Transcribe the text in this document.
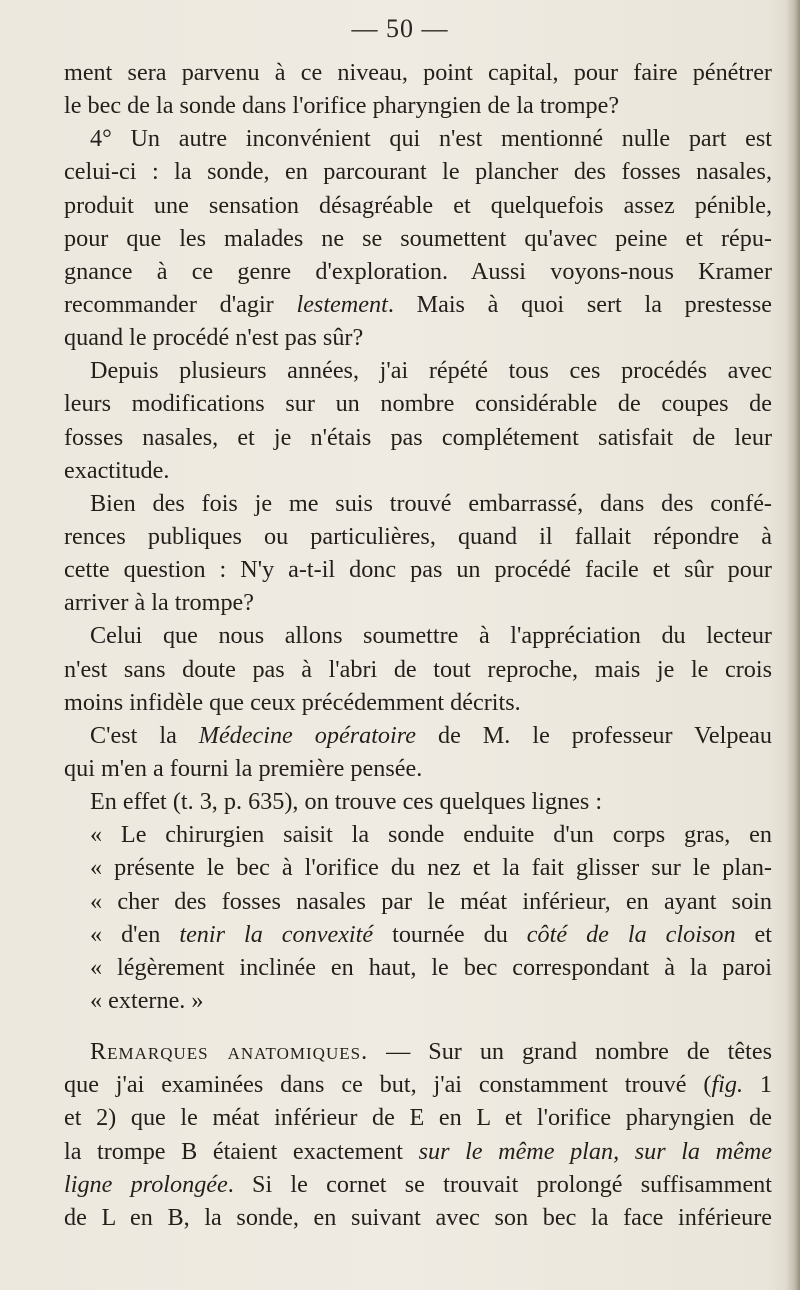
— 50 —
ment sera parvenu à ce niveau, point capital, pour faire pénétrer
le bec de la sonde dans l'orifice pharyngien de la trompe?
4° Un autre inconvénient qui n'est mentionné nulle part est
celui-ci : la sonde, en parcourant le plancher des fosses nasales,
produit une sensation désagréable et quelquefois assez pénible,
pour que les malades ne se soumettent qu'avec peine et répu-
gnance à ce genre d'exploration. Aussi voyons-nous Kramer
recommander d'agir lestement. Mais à quoi sert la prestesse
quand le procédé n'est pas sûr?
Depuis plusieurs années, j'ai répété tous ces procédés avec
leurs modifications sur un nombre considérable de coupes de
fosses nasales, et je n'étais pas complétement satisfait de leur
exactitude.
Bien des fois je me suis trouvé embarrassé, dans des confé-
rences publiques ou particulières, quand il fallait répondre à
cette question : N'y a-t-il donc pas un procédé facile et sûr pour
arriver à la trompe?
Celui que nous allons soumettre à l'appréciation du lecteur
n'est sans doute pas à l'abri de tout reproche, mais je le crois
moins infidèle que ceux précédemment décrits.
C'est la Médecine opératoire de M. le professeur Velpeau
qui m'en a fourni la première pensée.
En effet (t. 3, p. 635), on trouve ces quelques lignes :
« Le chirurgien saisit la sonde enduite d'un corps gras, en
« présente le bec à l'orifice du nez et la fait glisser sur le plan-
« cher des fosses nasales par le méat inférieur, en ayant soin
« d'en tenir la convexité tournée du côté de la cloison et
« légèrement inclinée en haut, le bec correspondant à la paroi
« externe. »
Remarques anatomiques. — Sur un grand nombre de têtes
que j'ai examinées dans ce but, j'ai constamment trouvé (fig. 1
et 2) que le méat inférieur de E en L et l'orifice pharyngien de
la trompe B étaient exactement sur le même plan, sur la même
ligne prolongée. Si le cornet se trouvait prolongé suffisamment
de L en B, la sonde, en suivant avec son bec la face inférieure
